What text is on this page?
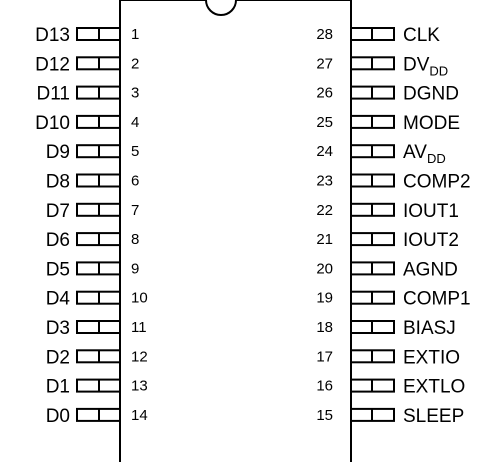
D13	1
D12	2
D11	3
D10	4
D9	5
D8	6
D7	7
D6	8
D5	9
D4	10
D3	11
D2	12
D1	13
D0	14
28	CLK
27	$DV_{DD}$
26	DGND
25	MODE
24	$AV_{DD}$
23	COMP2
22	IOUT1
21	IOUT2
20	AGND
19	COMP1
18	BIASJ
17	EXTIO
16	EXTLO
15	SLEEP
